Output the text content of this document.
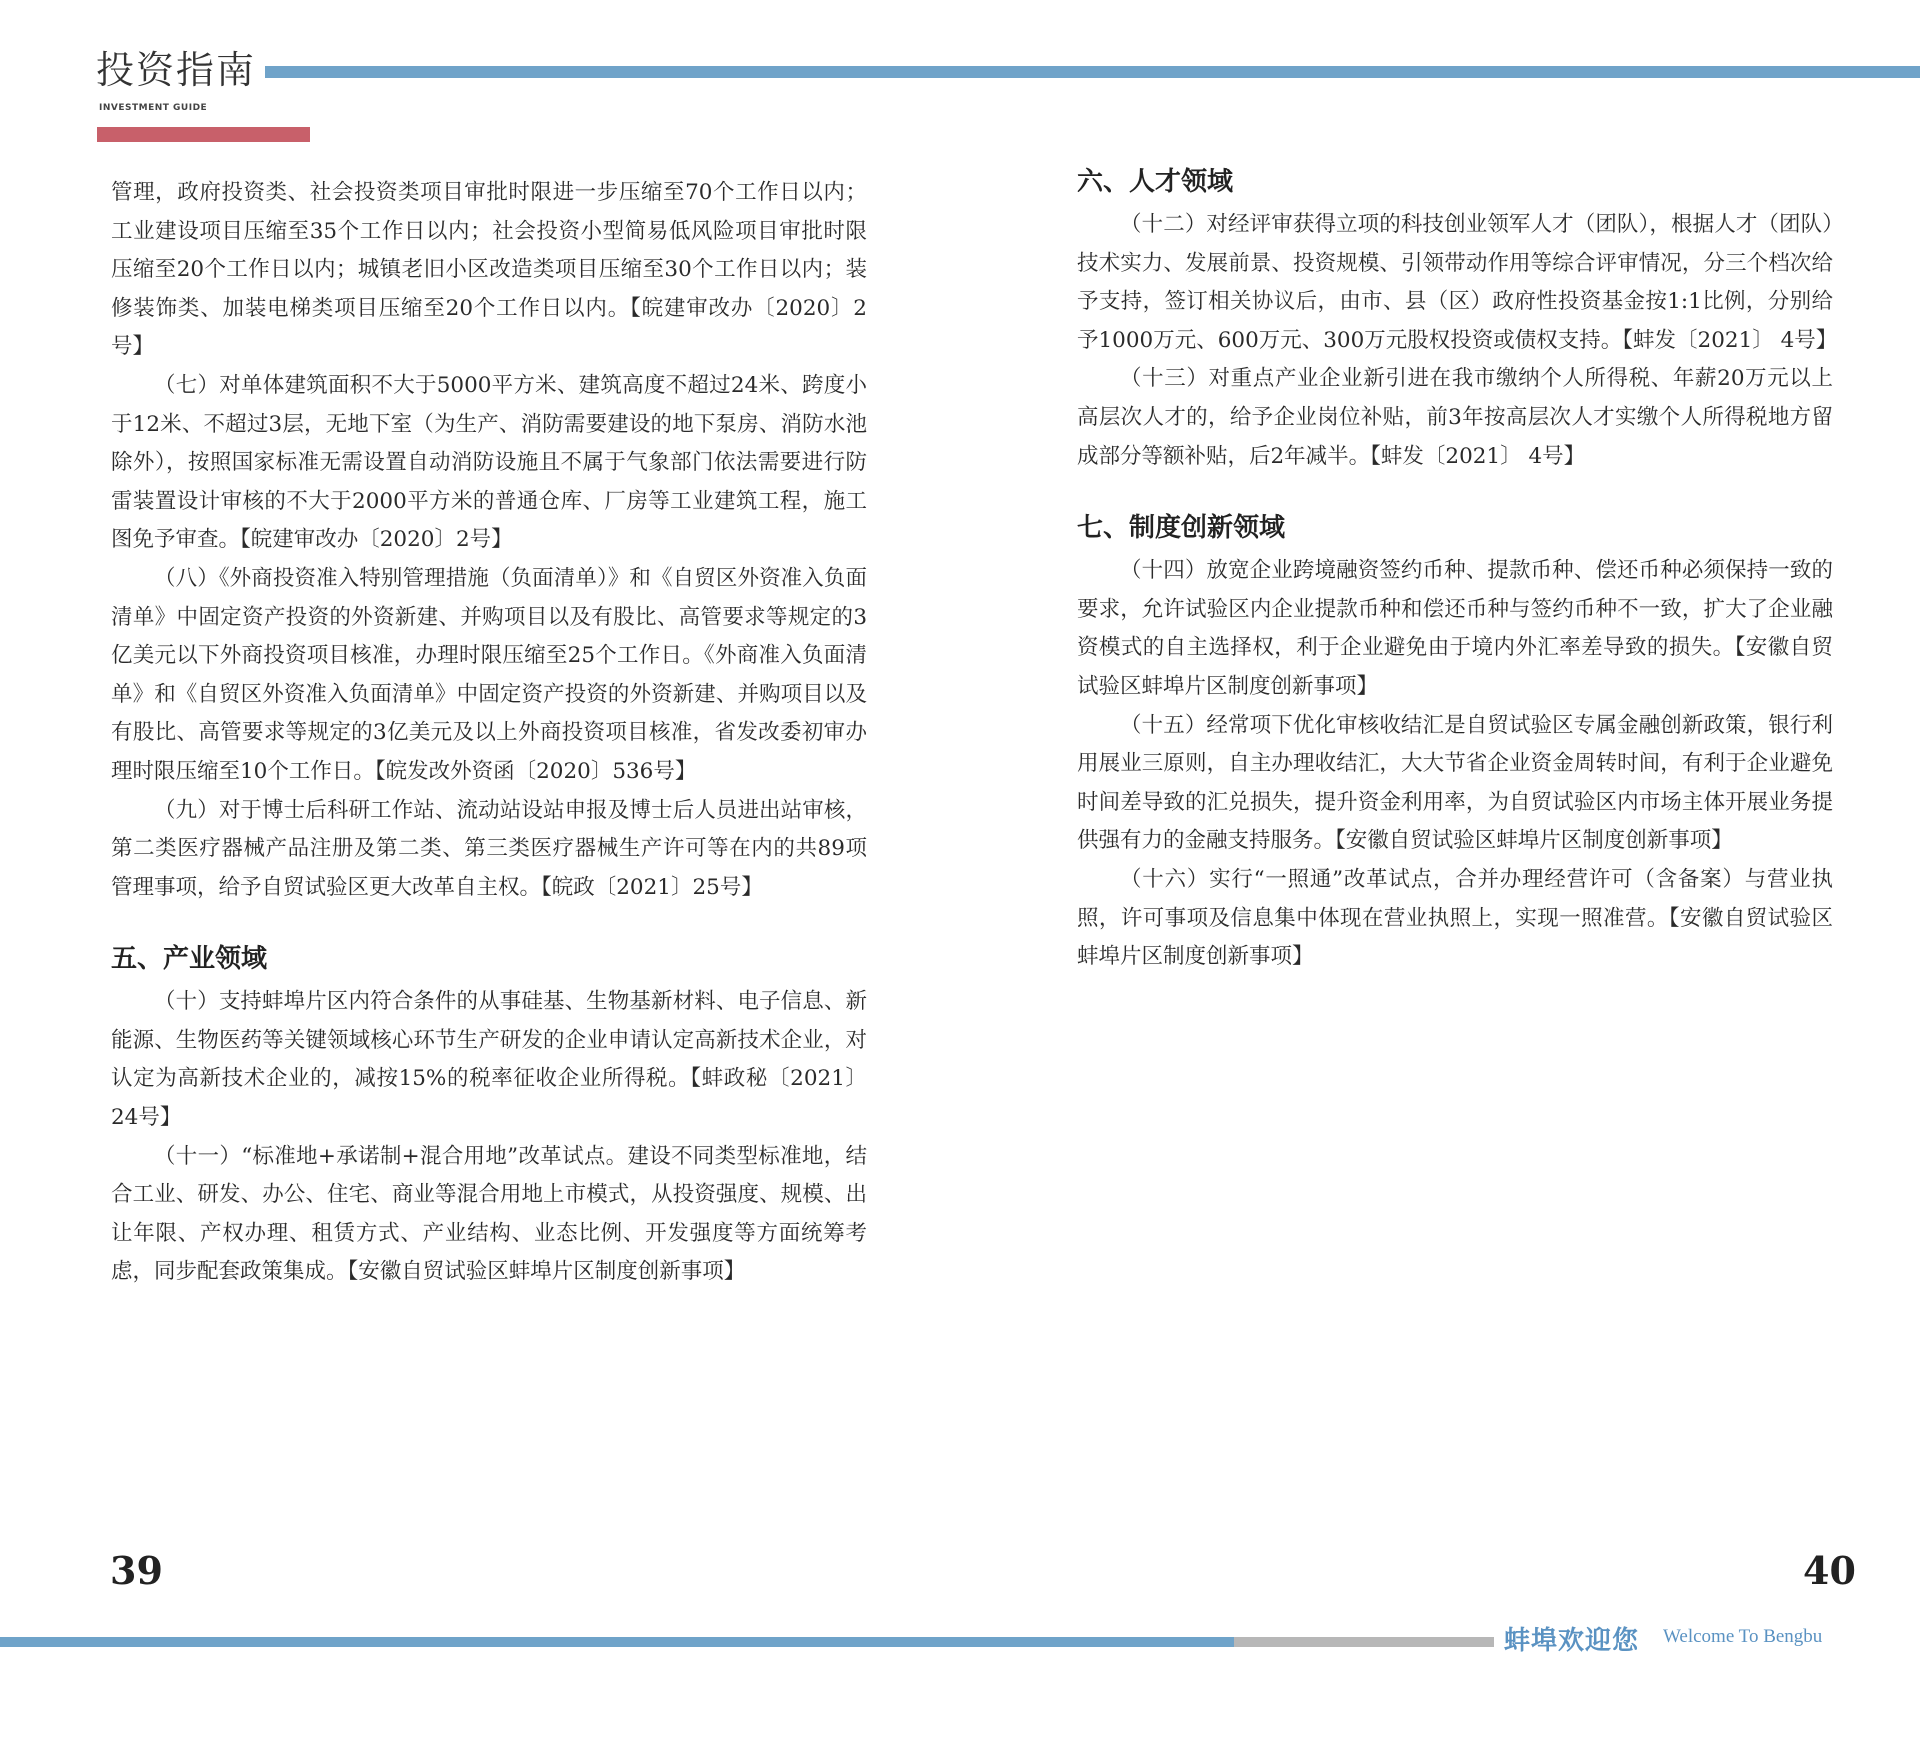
投资指南
INVESTMENT GUIDE

管理，政府投资类、社会投资类项目审批时限进一步压缩至70个工作日以内；工业建设项目压缩至35个工作日以内；社会投资小型简易低风险项目审批时限压缩至20个工作日以内；城镇老旧小区改造类项目压缩至30个工作日以内；装修装饰类、加装电梯类项目压缩至20个工作日以内。【皖建审改办〔2020〕2号】

（七）对单体建筑面积不大于5000平方米、建筑高度不超过24米、跨度小于12米、不超过3层，无地下室（为生产、消防需要建设的地下泵房、消防水池除外），按照国家标准无需设置自动消防设施且不属于气象部门依法需要进行防雷装置设计审核的不大于2000平方米的普通仓库、厂房等工业建筑工程，施工图免予审查。【皖建审改办〔2020〕2号】

（八）《外商投资准入特别管理措施（负面清单）》和《自贸区外资准入负面清单》中固定资产投资的外资新建、并购项目以及有股比、高管要求等规定的3亿美元以下外商投资项目核准，办理时限压缩至25个工作日。《外商准入负面清单》和《自贸区外资准入负面清单》中固定资产投资的外资新建、并购项目以及有股比、高管要求等规定的3亿美元及以上外商投资项目核准，省发改委初审办理时限压缩至10个工作日。【皖发改外资函〔2020〕536号】

（九）对于博士后科研工作站、流动站设站申报及博士后人员进出站审核，第二类医疗器械产品注册及第二类、第三类医疗器械生产许可等在内的共89项管理事项，给予自贸试验区更大改革自主权。【皖政〔2021〕25号】

五、产业领域

（十）支持蚌埠片区内符合条件的从事硅基、生物基新材料、电子信息、新能源、生物医药等关键领域核心环节生产研发的企业申请认定高新技术企业，对认定为高新技术企业的，减按15%的税率征收企业所得税。【蚌政秘〔2021〕24号】

（十一）“标准地+承诺制+混合用地”改革试点。建设不同类型标准地，结合工业、研发、办公、住宅、商业等混合用地上市模式，从投资强度、规模、出让年限、产权办理、租赁方式、产业结构、业态比例、开发强度等方面统筹考虑，同步配套政策集成。【安徽自贸试验区蚌埠片区制度创新事项】

六、人才领域

（十二）对经评审获得立项的科技创业领军人才（团队），根据人才（团队）技术实力、发展前景、投资规模、引领带动作用等综合评审情况，分三个档次给予支持，签订相关协议后，由市、县（区）政府性投资基金按1:1比例，分别给予1000万元、600万元、300万元股权投资或债权支持。【蚌发〔2021〕 4号】

（十三）对重点产业企业新引进在我市缴纳个人所得税、年薪20万元以上高层次人才的，给予企业岗位补贴，前3年按高层次人才实缴个人所得税地方留成部分等额补贴，后2年减半。【蚌发〔2021〕 4号】

七、制度创新领域

（十四）放宽企业跨境融资签约币种、提款币种、偿还币种必须保持一致的要求，允许试验区内企业提款币种和偿还币种与签约币种不一致，扩大了企业融资模式的自主选择权，利于企业避免由于境内外汇率差导致的损失。【安徽自贸试验区蚌埠片区制度创新事项】

（十五）经常项下优化审核收结汇是自贸试验区专属金融创新政策，银行利用展业三原则，自主办理收结汇，大大节省企业资金周转时间，有利于企业避免时间差导致的汇兑损失，提升资金利用率，为自贸试验区内市场主体开展业务提供强有力的金融支持服务。【安徽自贸试验区蚌埠片区制度创新事项】

（十六）实行“一照通”改革试点，合并办理经营许可（含备案）与营业执照，许可事项及信息集中体现在营业执照上，实现一照准营。【安徽自贸试验区蚌埠片区制度创新事项】

39	40
蚌埠欢迎您 Welcome To Bengbu
